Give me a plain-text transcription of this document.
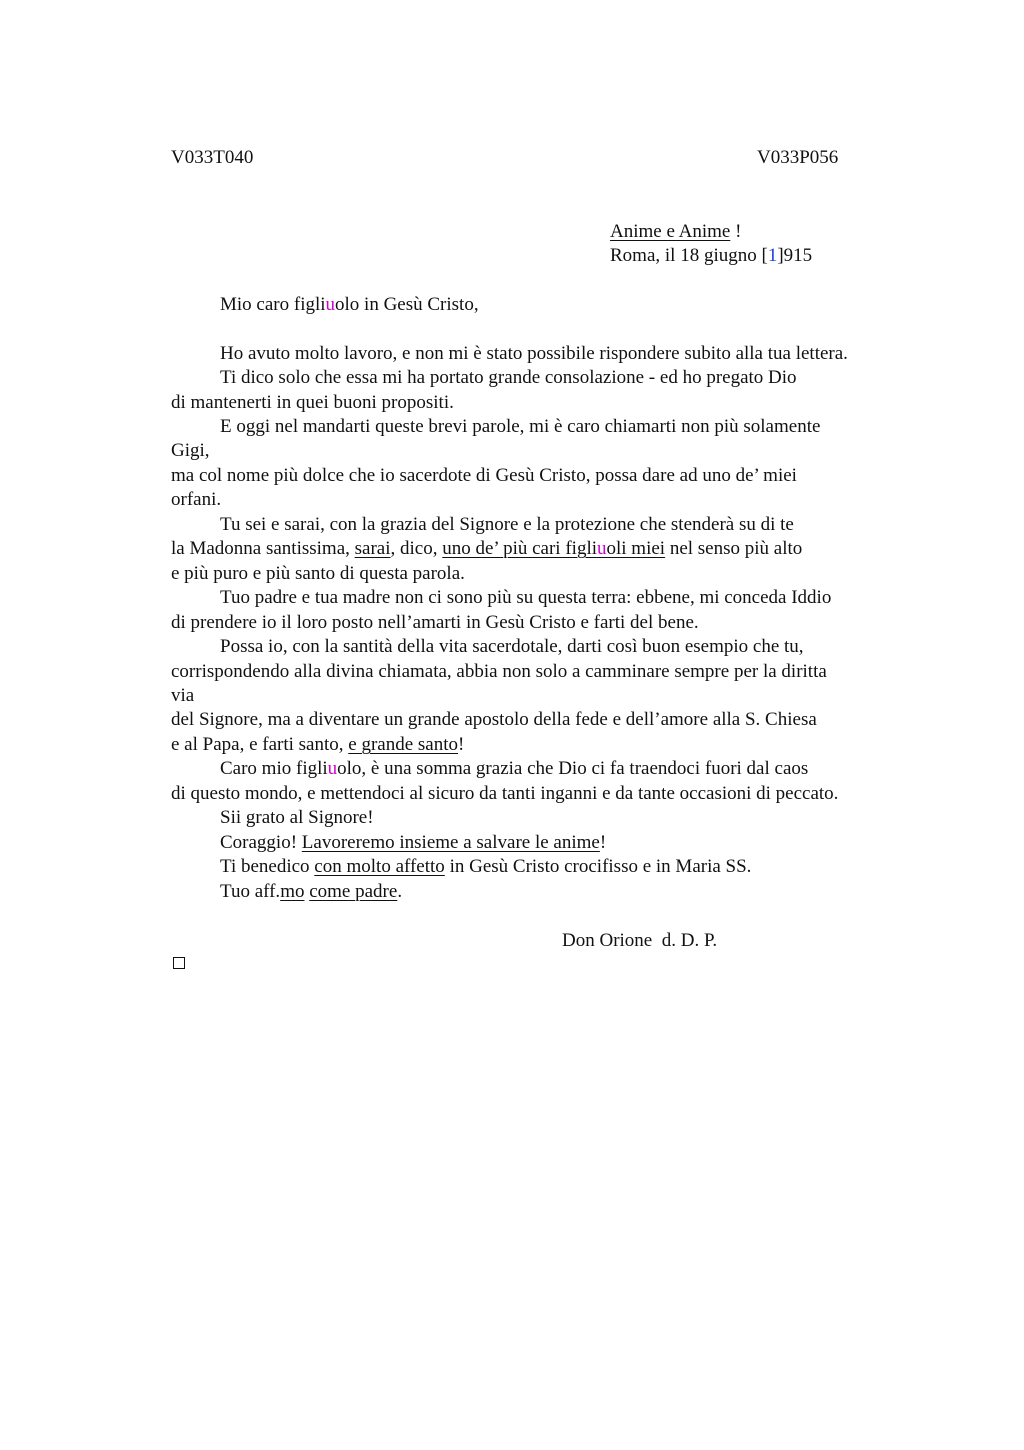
V033T040	V033P056
Anime e Anime !
Roma, il 18 giugno [1]915
Mio caro figliuolo in Gesù Cristo,
Ho avuto molto lavoro, e non mi è stato possibile rispondere subito alla tua lettera.
Ti dico solo che essa mi ha portato grande consolazione - ed ho pregato Dio
di mantenerti in quei buoni propositi.
E oggi nel mandarti queste brevi parole, mi è caro chiamarti non più solamente
Gigi,
ma col nome più dolce che io sacerdote di Gesù Cristo, possa dare ad uno de’ miei
orfani.
Tu sei e sarai, con la grazia del Signore e la protezione che stenderà su di te
la Madonna santissima, sarai, dico, uno de’ più cari figliuoli miei nel senso più alto
e più puro e più santo di questa parola.
Tuo padre e tua madre non ci sono più su questa terra: ebbene, mi conceda Iddio
di prendere io il loro posto nell’amarti in Gesù Cristo e farti del bene.
Possa io, con la santità della vita sacerdotale, darti così buon esempio che tu,
corrispondendo alla divina chiamata, abbia non solo a camminare sempre per la diritta
via
del Signore, ma a diventare un grande apostolo della fede e dell’amore alla S. Chiesa
e al Papa, e farti santo, e grande santo!
Caro mio figliuolo, è una somma grazia che Dio ci fa traendoci fuori dal caos
di questo mondo, e mettendoci al sicuro da tanti inganni e da tante occasioni di peccato.
Sii grato al Signore!
Coraggio! Lavoreremo insieme a salvare le anime!
Ti benedico con molto affetto in Gesù Cristo crocifisso e in Maria SS.
Tuo aff.mo come padre.
Don Orione  d. D. P.
